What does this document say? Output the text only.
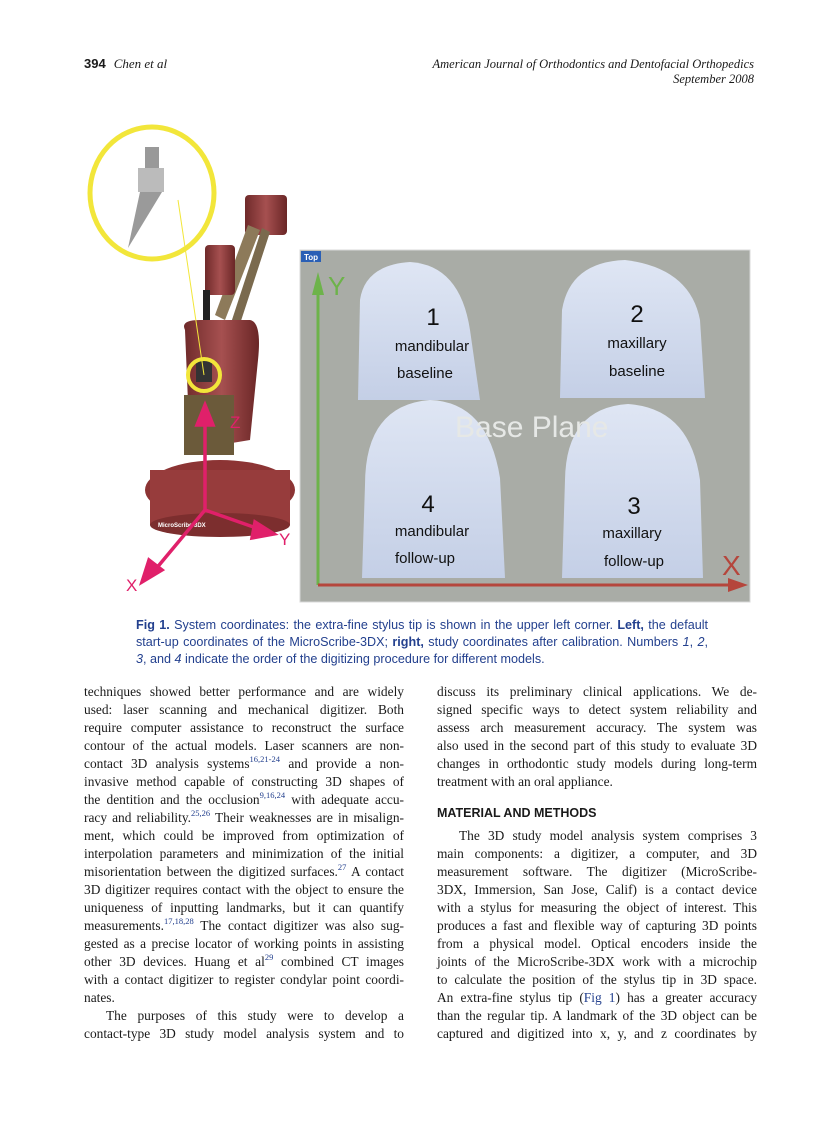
394 Chen et al	American Journal of Orthodontics and Dentofacial Orthopedics
September 2008
MicroScribe 3DX
Z
Y
X
Top
Base Plane
1
mandibular
baseline
2
maxillary
baseline
4
mandibular
follow-up
3
maxillary
follow-up
Y
X
Fig 1. System coordinates: the extra-fine stylus tip is shown in the upper left corner. Left, the default start-up coordinates of the MicroScribe-3DX; right, study coordinates after calibration. Numbers 1, 2, 3, and 4 indicate the order of the digitizing procedure for different models.
techniques showed better performance and are widely
used: laser scanning and mechanical digitizer. Both
require computer assistance to reconstruct the surface
contour of the actual models. Laser scanners are non-
contact 3D analysis systems$^{16,21-24}$ and provide a non-
invasive method capable of constructing 3D shapes of
the dentition and the occlusion$^{9,16,24}$ with adequate accu-
racy and reliability.$^{25,26}$ Their weaknesses are in misalign-
ment, which could be improved from optimization of
interpolation parameters and minimization of the initial
misorientation between the digitized surfaces.$^{27}$ A contact
3D digitizer requires contact with the object to ensure the
uniqueness of inputting landmarks, but it can quantify
measurements.$^{17,18,28}$ The contact digitizer was also sug-
gested as a precise locator of working points in assisting
other 3D devices. Huang et $al^{29}$ combined CT images
with a contact digitizer to register condylar point coordi-
nates.
The purposes of this study were to develop a
contact-type 3D study model analysis system and to
discuss its preliminary clinical applications. We de-
signed specific ways to detect system reliability and
assess arch measurement accuracy. The system was
also used in the second part of this study to evaluate 3D
changes in orthodontic study models during long-term
treatment with an oral appliance.
MATERIAL AND METHODS
The 3D study model analysis system comprises 3
main components: a digitizer, a computer, and 3D
measurement software. The digitizer (MicroScribe-
3DX, Immersion, San Jose, Calif) is a contact device
with a stylus for measuring the object of interest. This
produces a fast and flexible way of capturing 3D points
from a physical model. Optical encoders inside the
joints of the MicroScribe-3DX work with a microchip
to calculate the position of the stylus tip in 3D space.
An extra-fine stylus tip (Fig 1) has a greater accuracy
than the regular tip. A landmark of the 3D object can be
captured and digitized into x, y, and z coordinates by
